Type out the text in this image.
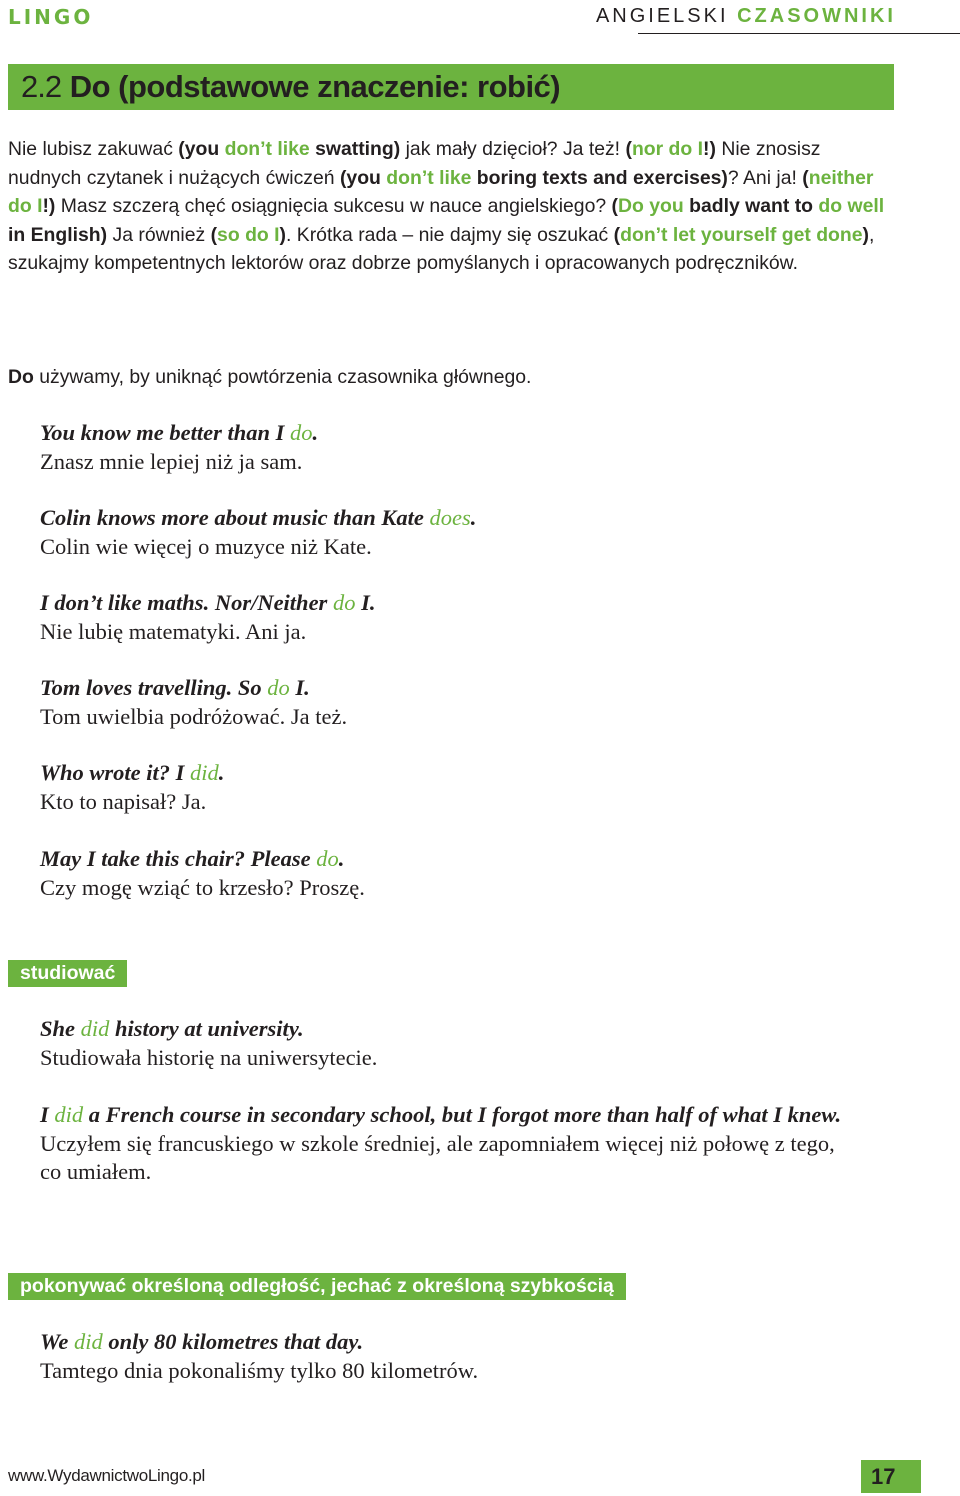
LINGO	ANGIELSKI CZASOWNIKI
2.2 Do (podstawowe znaczenie: robić)

Nie lubisz zakuwać (you don’t like swatting) jak mały dzięcioł? Ja też! (nor do I!) Nie znosisz nudnych czytanek i nużących ćwiczeń (you don’t like boring texts and exercises)? Ani ja! (neither do I!) Masz szczerą chęć osiągnięcia sukcesu w nauce angielskiego? (Do you badly want to do well in English) Ja również (so do I). Krótka rada – nie dajmy się oszukać (don’t let yourself get done), szukajmy kompetentnych lektorów oraz dobrze pomyślanych i opracowanych podręczników.

Do używamy, by uniknąć powtórzenia czasownika głównego.

You know me better than I do.
Znasz mnie lepiej niż ja sam.

Colin knows more about music than Kate does.
Colin wie więcej o muzyce niż Kate.

I don’t like maths. Nor/Neither do I.
Nie lubię matematyki. Ani ja.

Tom loves travelling. So do I.
Tom uwielbia podróżować. Ja też.

Who wrote it? I did.
Kto to napisał? Ja.

May I take this chair? Please do.
Czy mogę wziąć to krzesło? Proszę.

studiować

She did history at university.
Studiowała historię na uniwersytecie.

I did a French course in secondary school, but I forgot more than half of what I knew.
Uczyłem się francuskiego w szkole średniej, ale zapomniałem więcej niż połowę z tego, co umiałem.

pokonywać określoną odległość, jechać z określoną szybkością

We did only 80 kilometres that day.
Tamtego dnia pokonaliśmy tylko 80 kilometrów.

www.WydawnictwoLingo.pl	17
